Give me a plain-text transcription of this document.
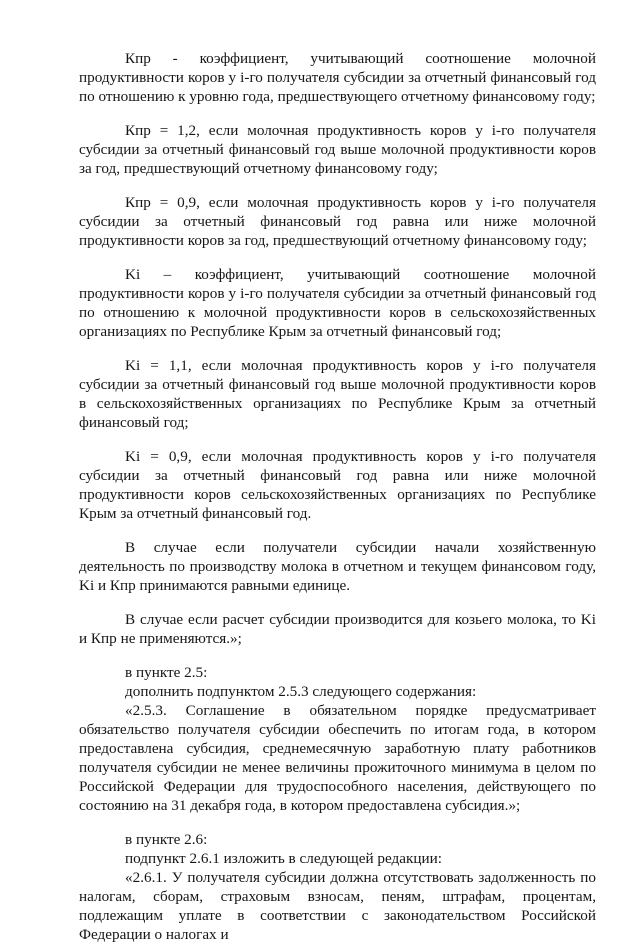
Кпр - коэффициент, учитывающий соотношение молочной продуктивности коров у i-го получателя субсидии за отчетный финансовый год по отношению к уровню года, предшествующего отчетному финансовому году;

Кпр = 1,2, если молочная продуктивность коров у i-го получателя субсидии за отчетный финансовый год выше молочной продуктивности коров за год, предшествующий отчетному финансовому году;

Кпр = 0,9, если молочная продуктивность коров у i-го получателя субсидии за отчетный финансовый год равна или ниже молочной продуктивности коров за год, предшествующий отчетному финансовому году;

Ki – коэффициент, учитывающий соотношение молочной продуктивности коров у i-го получателя субсидии за отчетный финансовый год по отношению к молочной продуктивности коров в сельскохозяйственных организациях по Республике Крым за отчетный финансовый год;

Ki = 1,1, если молочная продуктивность коров у i-го получателя субсидии за отчетный финансовый год выше молочной продуктивности коров в сельскохозяйственных организациях по Республике Крым за отчетный финансовый год;

Ki = 0,9, если молочная продуктивность коров у i-го получателя субсидии за отчетный финансовый год равна или ниже молочной продуктивности коров сельскохозяйственных организациях по Республике Крым за отчетный финансовый год.

В случае если получатели субсидии начали хозяйственную деятельность по производству молока в отчетном и текущем финансовом году, Ki и Кпр принимаются равными единице.

В случае если расчет субсидии производится для козьего молока, то Ki и Кпр не применяются.»;

в пункте 2.5:

дополнить подпунктом 2.5.3 следующего содержания:

«2.5.3. Соглашение в обязательном порядке предусматривает обязательство получателя субсидии обеспечить по итогам года, в котором предоставлена субсидия, среднемесячную заработную плату работников получателя субсидии не менее величины прожиточного минимума в целом по Российской Федерации для трудоспособного населения, действующего по состоянию на 31 декабря года, в котором предоставлена субсидия.»;

в пункте 2.6:

подпункт 2.6.1 изложить в следующей редакции:

«2.6.1. У получателя субсидии должна отсутствовать задолженность по налогам, сборам, страховым взносам, пеням, штрафам, процентам, подлежащим уплате в соответствии с законодательством Российской Федерации о налогах и
